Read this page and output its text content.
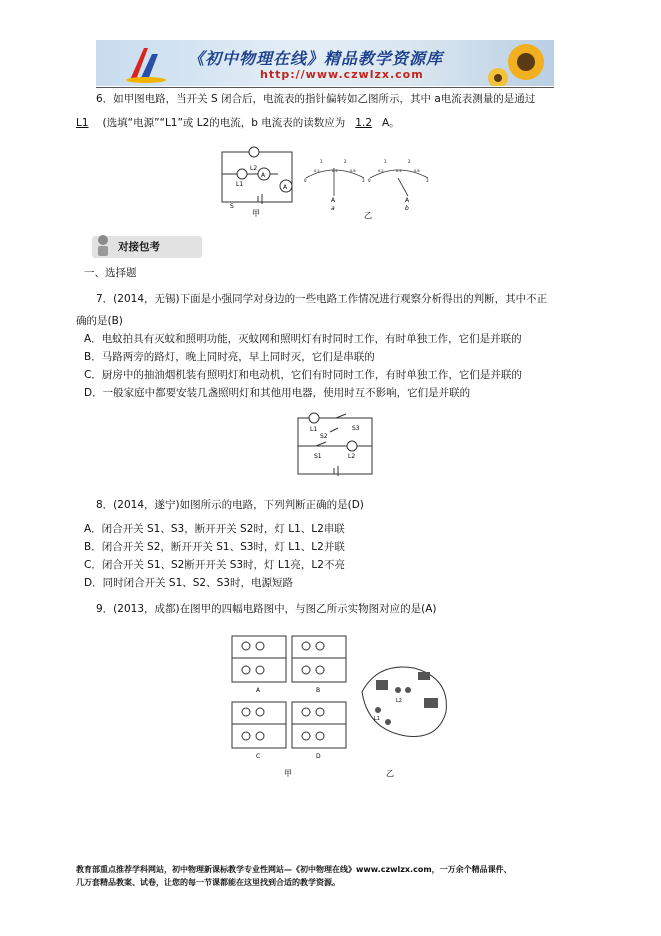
《初中物理在线》精品教学资源库
http://www.czwlzx.com
6．如甲图电路，当开关 S 闭合后，电流表的指针偏转如乙图所示，其中 a电流表测量的是通过
L1 (选填“电源”“L1”或 L2的电流，b 电流表的读数应为 1.2 A。
L2
L1
A
A
S
甲
0
1	2
3
0.2	0.4	0.6
0
1	2
3
0.2	0.4	0.6
A	A
a	b
乙
对接包考
一、选择题
7．(2014，无锡)下面是小强同学对身边的一些电路工作情况进行观察分析得出的判断，其中不正
确的是(B)
A．电蚊拍具有灭蚊和照明功能，灭蚊网和照明灯有时同时工作，有时单独工作，它们是并联的
B．马路两旁的路灯，晚上同时亮，早上同时灭，它们是串联的
C．厨房中的抽油烟机装有照明灯和电动机，它们有时同时工作，有时单独工作，它们是并联的
D．一般家庭中都要安装几盏照明灯和其他用电器，使用时互不影响，它们是并联的
L1
L2
S3
S2
S1
8．(2014，遂宁)如图所示的电路，下列判断正确的是(D)
A．闭合开关 S1、S3，断开开关 S2时，灯 L1、L2串联
B．闭合开关 S2，断开开关 S1、S3时，灯 L1、L2并联
C．闭合开关 S1、S2断开开关 S3时，灯 L1亮，L2不亮
D．同时闭合开关 S1、S2、S3时，电源短路
9．(2013，成都)在图甲的四幅电路图中，与图乙所示实物图对应的是(A)
A	B
C	D
甲	乙
L1
L2
教育部重点推荐学科网站，初中物理新课标教学专业性网站—《初中物理在线》www.czwlzx.com，一万余个精品课件、
几万套精品教案、试卷，让您的每一节课都能在这里找到合适的教学资源。
